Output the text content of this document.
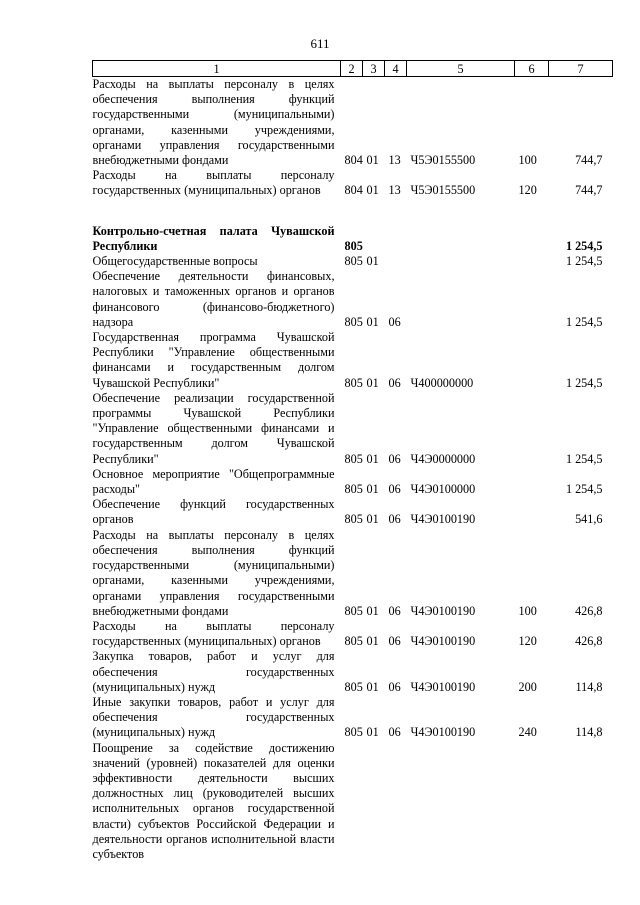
611
1	2	3	4	5	6	7
Расходы на выплаты персоналу в целях обеспечения выполнения функций государственными (муниципальными) органами, казенными учреждениями, органами управления государственными внебюджетными фондами	804	01	13	Ч5Э0155500	100	744,7
Расходы на выплаты персоналу государственных (муниципальных) органов	804	01	13	Ч5Э0155500	120	744,7

Контрольно-счетная палата Чувашской Республики	805					1 254,5
Общегосударственные вопросы	805	01				1 254,5
Обеспечение деятельности финансовых, налоговых и таможенных органов и органов финансового (финансово-бюджетного) надзора	805	01	06			1 254,5
Государственная программа Чувашской Республики "Управление общественными финансами и государственным долгом Чувашской Республики"	805	01	06	Ч400000000		1 254,5
Обеспечение реализации государственной программы Чувашской Республики "Управление общественными финансами и государственным долгом Чувашской Республики"	805	01	06	Ч4Э0000000		1 254,5
Основное мероприятие "Общепрограммные расходы"	805	01	06	Ч4Э0100000		1 254,5
Обеспечение функций государственных органов	805	01	06	Ч4Э0100190		541,6
Расходы на выплаты персоналу в целях обеспечения выполнения функций государственными (муниципальными) органами, казенными учреждениями, органами управления государственными внебюджетными фондами	805	01	06	Ч4Э0100190	100	426,8
Расходы на выплаты персоналу государственных (муниципальных) органов	805	01	06	Ч4Э0100190	120	426,8
Закупка товаров, работ и услуг для обеспечения государственных (муниципальных) нужд	805	01	06	Ч4Э0100190	200	114,8
Иные закупки товаров, работ и услуг для обеспечения государственных (муниципальных) нужд	805	01	06	Ч4Э0100190	240	114,8
Поощрение за содействие достижению значений (уровней) показателей для оценки эффективности деятельности высших должностных лиц (руководителей высших исполнительных органов государственной власти) субъектов Российской Федерации и деятельности органов исполнительной власти субъектов						
